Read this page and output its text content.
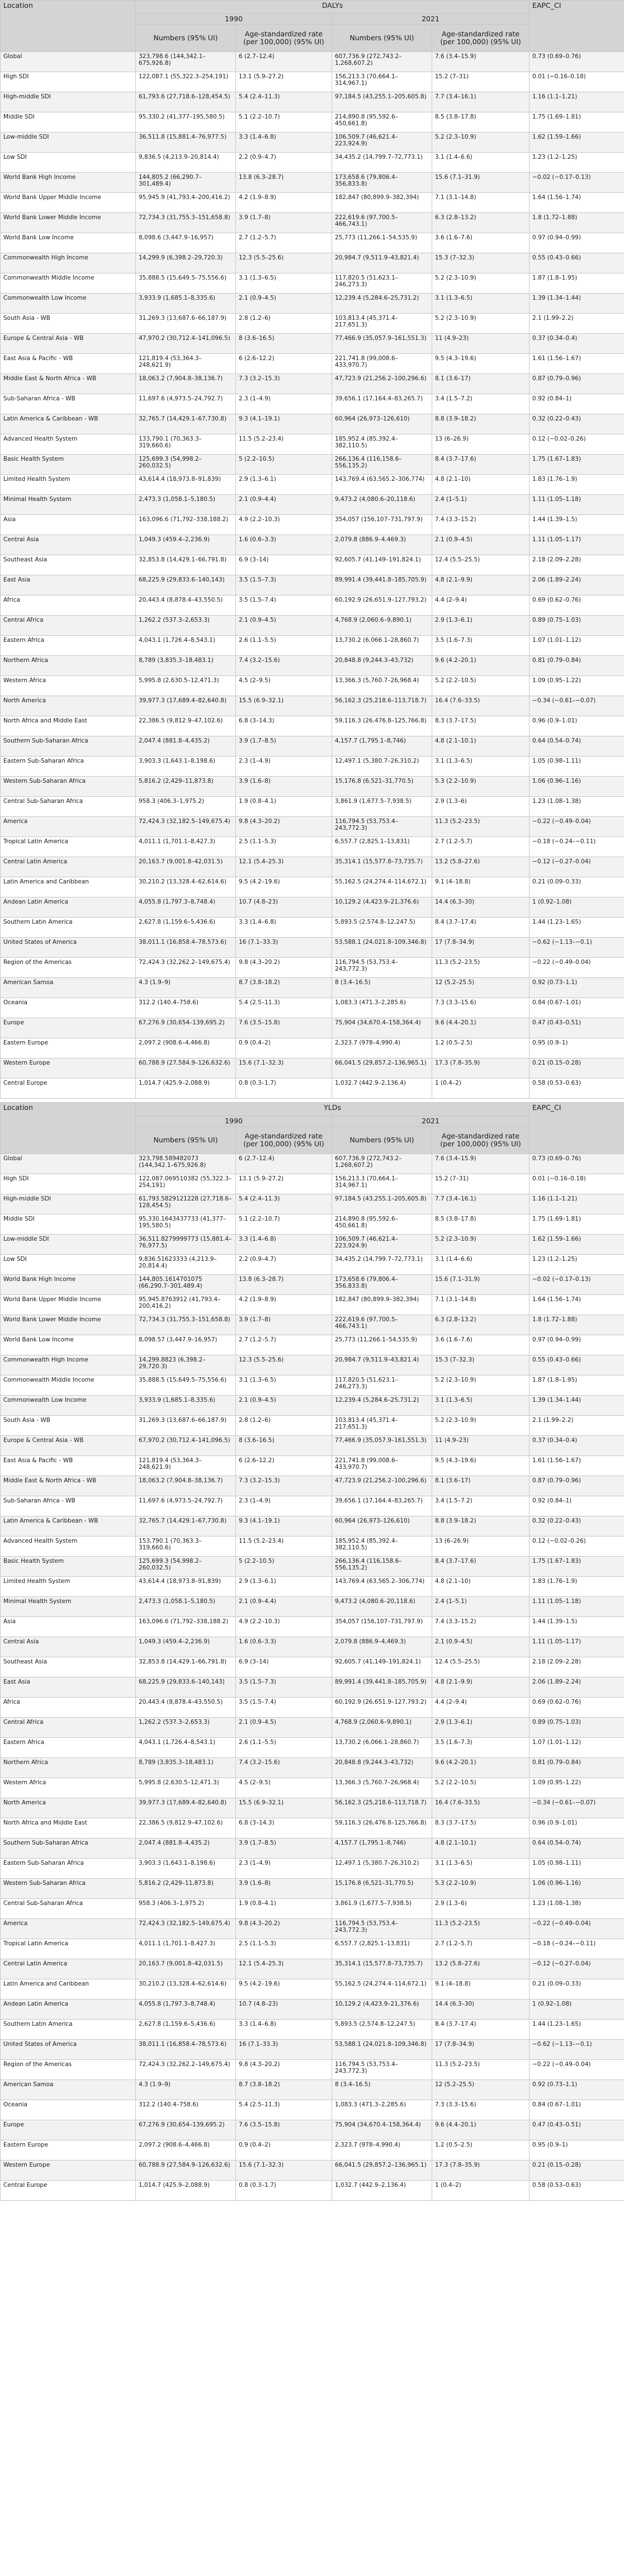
Location	DALYs				EAPC_CI
	1990		2021		
	Numbers (95% UI)	Age-standardized rate (per 100,000) (95% UI)	Numbers (95% UI)	Age-standardized rate (per 100,000) (95% UI)	
Global	323,798.6 (144,342.1–675,926.8)	6 (2.7–12.4)	607,736.9 (272,743.2–1,268,607.2)	7.6 (3.4–15.9)	0.73 (0.69–0.76)
High SDI	122,087.1 (55,322.3–254,191)	13.1 (5.9–27.2)	156,213.3 (70,664.1–314,967.1)	15.2 (7–31)	0.01 (−0.16–0.18)
High-middle SDI	61,793.6 (27,718.6–128,454.5)	5.4 (2.4–11.3)	97,184.5 (43,255.1–205,605.8)	7.7 (3.4–16.1)	1.16 (1.1–1.21)
Middle SDI	95,330.2 (41,377–195,580.5)	5.1 (2.2–10.7)	214,890.8 (95,592.6–450,661.8)	8.5 (3.8–17.8)	1.75 (1.69–1.81)
Low-middle SDI	36,511.8 (15,881.4–76,977.5)	3.3 (1.4–6.8)	106,509.7 (46,621.4–223,924.9)	5.2 (2.3–10.9)	1.62 (1.59–1.66)
Low SDI	9,836.5 (4,213.9–20,814.4)	2.2 (0.9–4.7)	34,435.2 (14,799.7–72,773.1)	3.1 (1.4–6.6)	1.23 (1.2–1.25)
World Bank High Income	144,805.2 (66,290.7–301,489.4)	13.8 (6.3–28.7)	173,658.6 (79,806.4–356,833.8)	15.6 (7.1–31.9)	−0.02 (−0.17–0.13)
World Bank Upper Middle Income	95,945.9 (41,793.4–200,416.2)	4.2 (1.9–8.9)	182,847 (80,899.9–382,394)	7.1 (3.1–14.8)	1.64 (1.56–1.74)
World Bank Lower Middle Income	72,734.3 (31,755.3–151,658.8)	3.9 (1.7–8)	222,619.6 (97,700.5–466,743.1)	6.3 (2.8–13.2)	1.8 (1.72–1.88)
World Bank Low Income	8,098.6 (3,447.9–16,957)	2.7 (1.2–5.7)	25,773 (11,266.1–54,535.9)	3.6 (1.6–7.6)	0.97 (0.94–0.99)
Commonwealth High Income	14,299.9 (6,398.2–29,720.3)	12.3 (5.5–25.6)	20,984.7 (9,511.9–43,821.4)	15.3 (7–32.3)	0.55 (0.43–0.66)
Commonwealth Middle Income	35,888.5 (15,649.5–75,556.6)	3.1 (1.3–6.5)	117,820.5 (51,623.1–246,273.3)	5.2 (2.3–10.9)	1.87 (1.8–1.95)
Commonwealth Low Income	3,933.9 (1,685.1–8,335.6)	2.1 (0.9–4.5)	12,239.4 (5,284.6–25,731.2)	3.1 (1.3–6.5)	1.39 (1.34–1.44)
South Asia - WB	31,269.3 (13,687.6–66,187.9)	2.8 (1.2–6)	103,813.4 (45,371.4–217,651.3)	5.2 (2.3–10.9)	2.1 (1.99–2.2)
Europe & Central Asia - WB	47,970.2 (30,712.4–141,096.5)	8 (3.6–16.5)	77,466.9 (35,057.9–161,551.3)	11 (4.9–23)	0.37 (0.34–0.4)
East Asia & Pacific - WB	121,819.4 (53,364.3–248,621.9)	6 (2.6–12.2)	221,741.8 (99,008.6–433,970.7)	9.5 (4.3–19.6)	1.61 (1.56–1.67)
Middle East & North Africa - WB	18,063.2 (7,904.8–38,136.7)	7.3 (3.2–15.3)	47,723.9 (21,256.2–100,296.6)	8.1 (3.6–17)	0.87 (0.79–0.96)
Sub-Saharan Africa - WB	11,697.6 (4,973.5–24,792.7)	2.3 (1–4.9)	39,656.1 (17,164.4–83,265.7)	3.4 (1.5–7.2)	0.92 (0.84–1)
Latin America & Caribbean - WB	32,765.7 (14,429.1–67,730.8)	9.3 (4.1–19.1)	60,964 (26,973–126,610)	8.8 (3.9–18.2)	0.32 (0.22–0.43)
Advanced Health System	133,790.1 (70,363.3–319,660.6)	11.5 (5.2–23.4)	185,952.4 (85,392.4–382,110.5)	13 (6–26.9)	0.12 (−0.02–0.26)
Basic Health System	125,699.3 (54,998.2–260,032.5)	5 (2.2–10.5)	266,136.4 (116,158.6–556,135.2)	8.4 (3.7–17.6)	1.75 (1.67–1.83)
Limited Health System	43,614.4 (18,973.8–91,839)	2.9 (1.3–6.1)	143,769.4 (63,565.2–306,774)	4.8 (2.1–10)	1.83 (1.76–1.9)
Minimal Health System	2,473.3 (1,058.1–5,180.5)	2.1 (0.9–4.4)	9,473.2 (4,080.6–20,118.6)	2.4 (1–5.1)	1.11 (1.05–1.18)
Asia	163,096.6 (71,792–338,188.2)	4.9 (2.2–10.3)	354,057 (156,107–731,797.9)	7.4 (3.3–15.2)	1.44 (1.39–1.5)
Central Asia	1,049.3 (459.4–2,236.9)	1.6 (0.6–3.3)	2,079.8 (886.9–4,469.3)	2.1 (0.9–4.5)	1.11 (1.05–1.17)
Southeast Asia	32,853.8 (14,429.1–66,791.8)	6.9 (3–14)	92,605.7 (41,149–191,824.1)	12.4 (5.5–25.5)	2.18 (2.09–2.28)
East Asia	68,225.9 (29,833.6–140,143)	3.5 (1.5–7.3)	89,991.4 (39,441.8–185,705.9)	4.8 (2.1–9.9)	2.06 (1.89–2.24)
Africa	20,443.4 (8,878.4–43,550.5)	3.5 (1.5–7.4)	60,192.9 (26,651.9–127,793.2)	4.4 (2–9.4)	0.69 (0.62–0.76)
Central Africa	1,262.2 (537.3–2,653.3)	2.1 (0.9–4.5)	4,768.9 (2,060.6–9,890.1)	2.9 (1.3–6.1)	0.89 (0.75–1.03)
Eastern Africa	4,043.1 (1,726.4–8,543.1)	2.6 (1.1–5.5)	13,730.2 (6,066.1–28,860.7)	3.5 (1.6–7.3)	1.07 (1.01–1.12)
Northern Africa	8,789 (3,835.3–18,483.1)	7.4 (3.2–15.6)	20,848.8 (9,244.3–43,732)	9.6 (4.2–20.1)	0.81 (0.79–0.84)
Western Africa	5,995.8 (2,630.5–12,471.3)	4.5 (2–9.5)	13,366.3 (5,760.7–26,968.4)	5.2 (2.2–10.5)	1.09 (0.95–1.22)
North America	39,977.3 (17,689.4–82,640.8)	15.5 (6.9–32.1)	56,162.3 (25,218.6–113,718.7)	16.4 (7.6–33.5)	−0.34 (−0.61–−0.07)
North Africa and Middle East	22,386.5 (9,812.9–47,102.6)	6.8 (3–14.3)	59,116.3 (26,476.8–125,766.8)	8.3 (3.7–17.5)	0.96 (0.9–1.01)
Southern Sub-Saharan Africa	2,047.4 (881.8–4,435.2)	3.9 (1.7–8.5)	4,157.7 (1,795.1–8,746)	4.8 (2.1–10.1)	0.64 (0.54–0.74)
Eastern Sub-Saharan Africa	3,903.3 (1,643.1–8,198.6)	2.3 (1–4.9)	12,497.1 (5,380.7–26,310.2)	3.1 (1.3–6.5)	1.05 (0.98–1.11)
Western Sub-Saharan Africa	5,816.2 (2,429–11,873.8)	3.9 (1.6–8)	15,176.8 (6,521–31,770.5)	5.3 (2.2–10.9)	1.06 (0.96–1.16)
Central Sub-Saharan Africa	958.3 (406.3–1,975.2)	1.9 (0.8–4.1)	3,861.9 (1,677.5–7,938.5)	2.9 (1.3–6)	1.23 (1.08–1.38)
America	72,424.3 (32,182.5–149,675.4)	9.8 (4.3–20.2)	116,794.5 (53,753.4–243,772.3)	11.3 (5.2–23.5)	−0.22 (−0.49–0.04)
Tropical Latin America	4,011.1 (1,701.1–8,427.3)	2.5 (1.1–5.3)	6,557.7 (2,825.1–13,831)	2.7 (1.2–5.7)	−0.18 (−0.24–−0.11)
Central Latin America	20,163.7 (9,001.8–42,031.5)	12.1 (5.4–25.3)	35,314.1 (15,577.8–73,735.7)	13.2 (5.8–27.6)	−0.12 (−0.27–0.04)
Latin America and Caribbean	30,210.2 (13,328.4–62,614.6)	9.5 (4.2–19.6)	55,162.5 (24,274.4–114,672.1)	9.1 (4–18.8)	0.21 (0.09–0.33)
Andean Latin America	4,055.8 (1,797.3–8,748.4)	10.7 (4.8–23)	10,129.2 (4,423.9–21,376.6)	14.4 (6.3–30)	1 (0.92–1.08)
Southern Latin America	2,627.8 (1,159.6–5,436.6)	3.3 (1.4–6.8)	5,893.5 (2,574.8–12,247.5)	8.4 (3.7–17.4)	1.44 (1.23–1.65)
United States of America	38,011.1 (16,858.4–78,573.6)	16 (7.1–33.3)	53,588.1 (24,021.8–109,346.8)	17 (7.8–34.9)	−0.62 (−1.13–−0.1)
Region of the Americas	72,424.3 (32,262.2–149,675.4)	9.8 (4.3–20.2)	116,794.5 (53,753.4–243,772.3)	11.3 (5.2–23.5)	−0.22 (−0.49–0.04)
American Samoa	4.3 (1.9–9)	8.7 (3.8–18.2)	8 (3.4–16.5)	12 (5.2–25.5)	0.92 (0.73–1.1)
Oceania	312.2 (140.4–758.6)	5.4 (2.5–11.3)	1,083.3 (471.3–2,285.6)	7.3 (3.3–15.6)	0.84 (0.67–1.01)
Europe	67,276.9 (30,654–139,695.2)	7.6 (3.5–15.8)	75,904 (34,670.4–158,364.4)	9.6 (4.4–20.1)	0.47 (0.43–0.51)
Eastern Europe	2,097.2 (908.6–4,466.8)	0.9 (0.4–2)	2,323.7 (978–4,990.4)	1.2 (0.5–2.5)	0.95 (0.9–1)
Western Europe	60,788.9 (27,584.9–126,632.6)	15.6 (7.1–32.3)	66,041.5 (29,857.2–136,965.1)	17.3 (7.8–35.9)	0.21 (0.15–0.28)
Central Europe	1,014.7 (425.9–2,088.9)	0.8 (0.3–1.7)	1,032.7 (442.9–2,136.4)	1 (0.4–2)	0.58 (0.53–0.63)
Location	YLDs				EAPC_CI
	1990		2021		
	Numbers (95% UI)	Age-standardized rate (per 100,000) (95% UI)	Numbers (95% UI)	Age-standardized rate (per 100,000) (95% UI)	
Global	323,798.589482073 (144,342.1–675,926.8)	6 (2.7–12.4)	607,736.9 (272,743.2–1,268,607.2)	7.6 (3.4–15.9)	0.73 (0.69–0.76)
High SDI	122,087.069510382 (55,322.3–254,191)	13.1 (5.9–27.2)	156,213.3 (70,664.1–314,967.1)	15.2 (7–31)	0.01 (−0.16–0.18)
High-middle SDI	61,793.5829121228 (27,718.6–128,454.5)	5.4 (2.4–11.3)	97,184.5 (43,255.1–205,605.8)	7.7 (3.4–16.1)	1.16 (1.1–1.21)
Middle SDI	95,330.1643437733 (41,377–195,580.5)	5.1 (2.2–10.7)	214,890.8 (95,592.6–450,661.8)	8.5 (3.8–17.8)	1.75 (1.69–1.81)
Low-middle SDI	36,511.8279999773 (15,881.4–76,977.5)	3.3 (1.4–6.8)	106,509.7 (46,621.4–223,924.9)	5.2 (2.3–10.9)	1.62 (1.59–1.66)
Low SDI	9,836.51623333 (4,213.9–20,814.4)	2.2 (0.9–4.7)	34,435.2 (14,799.7–72,773.1)	3.1 (1.4–6.6)	1.23 (1.2–1.25)
World Bank High Income	144,805.1614701075 (66,290.7–301,489.4)	13.8 (6.3–28.7)	173,658.6 (79,806.4–356,833.8)	15.6 (7.1–31.9)	−0.02 (−0.17–0.13)
World Bank Upper Middle Income	95,945.8763912 (41,793.4–200,416.2)	4.2 (1.9–8.9)	182,847 (80,899.9–382,394)	7.1 (3.1–14.8)	1.64 (1.56–1.74)
World Bank Lower Middle Income	72,734.3 (31,755.3–151,658.8)	3.9 (1.7–8)	222,619.6 (97,700.5–466,743.1)	6.3 (2.8–13.2)	1.8 (1.72–1.88)
World Bank Low Income	8,098.57 (3,447.9–16,957)	2.7 (1.2–5.7)	25,773 (11,266.1–54,535.9)	3.6 (1.6–7.6)	0.97 (0.94–0.99)
Commonwealth High Income	14,299.8823 (6,398.2–29,720.3)	12.3 (5.5–25.6)	20,984.7 (9,511.9–43,821.4)	15.3 (7–32.3)	0.55 (0.43–0.66)
Commonwealth Middle Income	35,888.5 (15,649.5–75,556.6)	3.1 (1.3–6.5)	117,820.5 (51,623.1–246,273.3)	5.2 (2.3–10.9)	1.87 (1.8–1.95)
Commonwealth Low Income	3,933.9 (1,685.1–8,335.6)	2.1 (0.9–4.5)	12,239.4 (5,284.6–25,731.2)	3.1 (1.3–6.5)	1.39 (1.34–1.44)
South Asia - WB	31,269.3 (13,687.6–66,187.9)	2.8 (1.2–6)	103,813.4 (45,371.4–217,651.3)	5.2 (2.3–10.9)	2.1 (1.99–2.2)
Europe & Central Asia - WB	67,970.2 (30,712.4–141,096.5)	8 (3.6–16.5)	77,466.9 (35,057.9–161,551.3)	11 (4.9–23)	0.37 (0.34–0.4)
East Asia & Pacific - WB	121,819.4 (53,364.3–248,621.9)	6 (2.6–12.2)	221,741.8 (99,008.6–433,970.7)	9.5 (4.3–19.6)	1.61 (1.56–1.67)
Middle East & North Africa - WB	18,063.2 (7,904.8–38,136.7)	7.3 (3.2–15.3)	47,723.9 (21,256.2–100,296.6)	8.1 (3.6–17)	0.87 (0.79–0.96)
Sub-Saharan Africa - WB	11,697.6 (4,973.5–24,792.7)	2.3 (1–4.9)	39,656.1 (17,164.4–83,265.7)	3.4 (1.5–7.2)	0.92 (0.84–1)
Latin America & Caribbean - WB	32,765.7 (14,429.1–67,730.8)	9.3 (4.1–19.1)	60,964 (26,973–126,610)	8.8 (3.9–18.2)	0.32 (0.22–0.43)
Advanced Health System	153,790.1 (70,363.3–319,660.6)	11.5 (5.2–23.4)	185,952.4 (85,392.4–382,110.5)	13 (6–26.9)	0.12 (−0.02–0.26)
Basic Health System	125,699.3 (54,998.2–260,032.5)	5 (2.2–10.5)	266,136.4 (116,158.6–556,135.2)	8.4 (3.7–17.6)	1.75 (1.67–1.83)
Limited Health System	43,614.4 (18,973.8–91,839)	2.9 (1.3–6.1)	143,769.4 (63,565.2–306,774)	4.8 (2.1–10)	1.83 (1.76–1.9)
Minimal Health System	2,473.3 (1,058.1–5,180.5)	2.1 (0.9–4.4)	9,473.2 (4,080.6–20,118.6)	2.4 (1–5.1)	1.11 (1.05–1.18)
Asia	163,096.6 (71,792–338,188.2)	4.9 (2.2–10.3)	354,057 (156,107–731,797.9)	7.4 (3.3–15.2)	1.44 (1.39–1.5)
Central Asia	1,049.3 (459.4–2,236.9)	1.6 (0.6–3.3)	2,079.8 (886.9–4,469.3)	2.1 (0.9–4.5)	1.11 (1.05–1.17)
Southeast Asia	32,853.8 (14,429.1–66,791.8)	6.9 (3–14)	92,605.7 (41,149–191,824.1)	12.4 (5.5–25.5)	2.18 (2.09–2.28)
East Asia	68,225.9 (29,833.6–140,143)	3.5 (1.5–7.3)	89,991.4 (39,441.8–185,705.9)	4.8 (2.1–9.9)	2.06 (1.89–2.24)
Africa	20,443.4 (8,878.4–43,550.5)	3.5 (1.5–7.4)	60,192.9 (26,651.9–127,793.2)	4.4 (2–9.4)	0.69 (0.62–0.76)
Central Africa	1,262.2 (537.3–2,653.3)	2.1 (0.9–4.5)	4,768.9 (2,060.6–9,890.1)	2.9 (1.3–6.1)	0.89 (0.75–1.03)
Eastern Africa	4,043.1 (1,726.4–8,543.1)	2.6 (1.1–5.5)	13,730.2 (6,066.1–28,860.7)	3.5 (1.6–7.3)	1.07 (1.01–1.12)
Northern Africa	8,789 (3,835.3–18,483.1)	7.4 (3.2–15.6)	20,848.8 (9,244.3–43,732)	9.6 (4.2–20.1)	0.81 (0.79–0.84)
Western Africa	5,995.8 (2,630.5–12,471.3)	4.5 (2–9.5)	13,366.3 (5,760.7–26,968.4)	5.2 (2.2–10.5)	1.09 (0.95–1.22)
North America	39,977.3 (17,689.4–82,640.8)	15.5 (6.9–32.1)	56,162.3 (25,218.6–113,718.7)	16.4 (7.6–33.5)	−0.34 (−0.61–−0.07)
North Africa and Middle East	22,386.5 (9,812.9–47,102.6)	6.8 (3–14.3)	59,116.3 (26,476.8–125,766.8)	8.3 (3.7–17.5)	0.96 (0.9–1.01)
Southern Sub-Saharan Africa	2,047.4 (881.8–4,435.2)	3.9 (1.7–8.5)	4,157.7 (1,795.1–8,746)	4.8 (2.1–10.1)	0.64 (0.54–0.74)
Eastern Sub-Saharan Africa	3,903.3 (1,643.1–8,198.6)	2.3 (1–4.9)	12,497.1 (5,380.7–26,310.2)	3.1 (1.3–6.5)	1.05 (0.98–1.11)
Western Sub-Saharan Africa	5,816.2 (2,429–11,873.8)	3.9 (1.6–8)	15,176.8 (6,521–31,770.5)	5.3 (2.2–10.9)	1.06 (0.96–1.16)
Central Sub-Saharan Africa	958.3 (406.3–1,975.2)	1.9 (0.8–4.1)	3,861.9 (1,677.5–7,938.5)	2.9 (1.3–6)	1.23 (1.08–1.38)
America	72,424.3 (32,182.5–149,675.4)	9.8 (4.3–20.2)	116,794.5 (53,753.4–243,772.3)	11.3 (5.2–23.5)	−0.22 (−0.49–0.04)
Tropical Latin America	4,011.1 (1,701.1–8,427.3)	2.5 (1.1–5.3)	6,557.7 (2,825.1–13,831)	2.7 (1.2–5.7)	−0.18 (−0.24–−0.11)
Central Latin America	20,163.7 (9,001.8–42,031.5)	12.1 (5.4–25.3)	35,314.1 (15,577.8–73,735.7)	13.2 (5.8–27.6)	−0.12 (−0.27–0.04)
Latin America and Caribbean	30,210.2 (13,328.4–62,614.6)	9.5 (4.2–19.6)	55,162.5 (24,274.4–114,672.1)	9.1 (4–18.8)	0.21 (0.09–0.33)
Andean Latin America	4,055.8 (1,797.3–8,748.4)	10.7 (4.8–23)	10,129.2 (4,423.9–21,376.6)	14.4 (6.3–30)	1 (0.92–1.08)
Southern Latin America	2,627.8 (1,159.6–5,436.6)	3.3 (1.4–6.8)	5,893.5 (2,574.8–12,247.5)	8.4 (3.7–17.4)	1.44 (1.23–1.65)
United States of America	38,011.1 (16,858.4–78,573.6)	16 (7.1–33.3)	53,588.1 (24,021.8–109,346.8)	17 (7.8–34.9)	−0.62 (−1.13–−0.1)
Region of the Americas	72,424.3 (32,262.2–149,675.4)	9.8 (4.3–20.2)	116,794.5 (53,753.4–243,772.3)	11.3 (5.2–23.5)	−0.22 (−0.49–0.04)
American Samoa	4.3 (1.9–9)	8.7 (3.8–18.2)	8 (3.4–16.5)	12 (5.2–25.5)	0.92 (0.73–1.1)
Oceania	312.2 (140.4–758.6)	5.4 (2.5–11.3)	1,083.3 (471.3–2,285.6)	7.3 (3.3–15.6)	0.84 (0.67–1.01)
Europe	67,276.9 (30,654–139,695.2)	7.6 (3.5–15.8)	75,904 (34,670.4–158,364.4)	9.6 (4.4–20.1)	0.47 (0.43–0.51)
Eastern Europe	2,097.2 (908.6–4,466.8)	0.9 (0.4–2)	2,323.7 (978–4,990.4)	1.2 (0.5–2.5)	0.95 (0.9–1)
Western Europe	60,788.9 (27,584.9–126,632.6)	15.6 (7.1–32.3)	66,041.5 (29,857.2–136,965.1)	17.3 (7.8–35.9)	0.21 (0.15–0.28)
Central Europe	1,014.7 (425.9–2,088.9)	0.8 (0.3–1.7)	1,032.7 (442.9–2,136.4)	1 (0.4–2)	0.58 (0.53–0.63)
